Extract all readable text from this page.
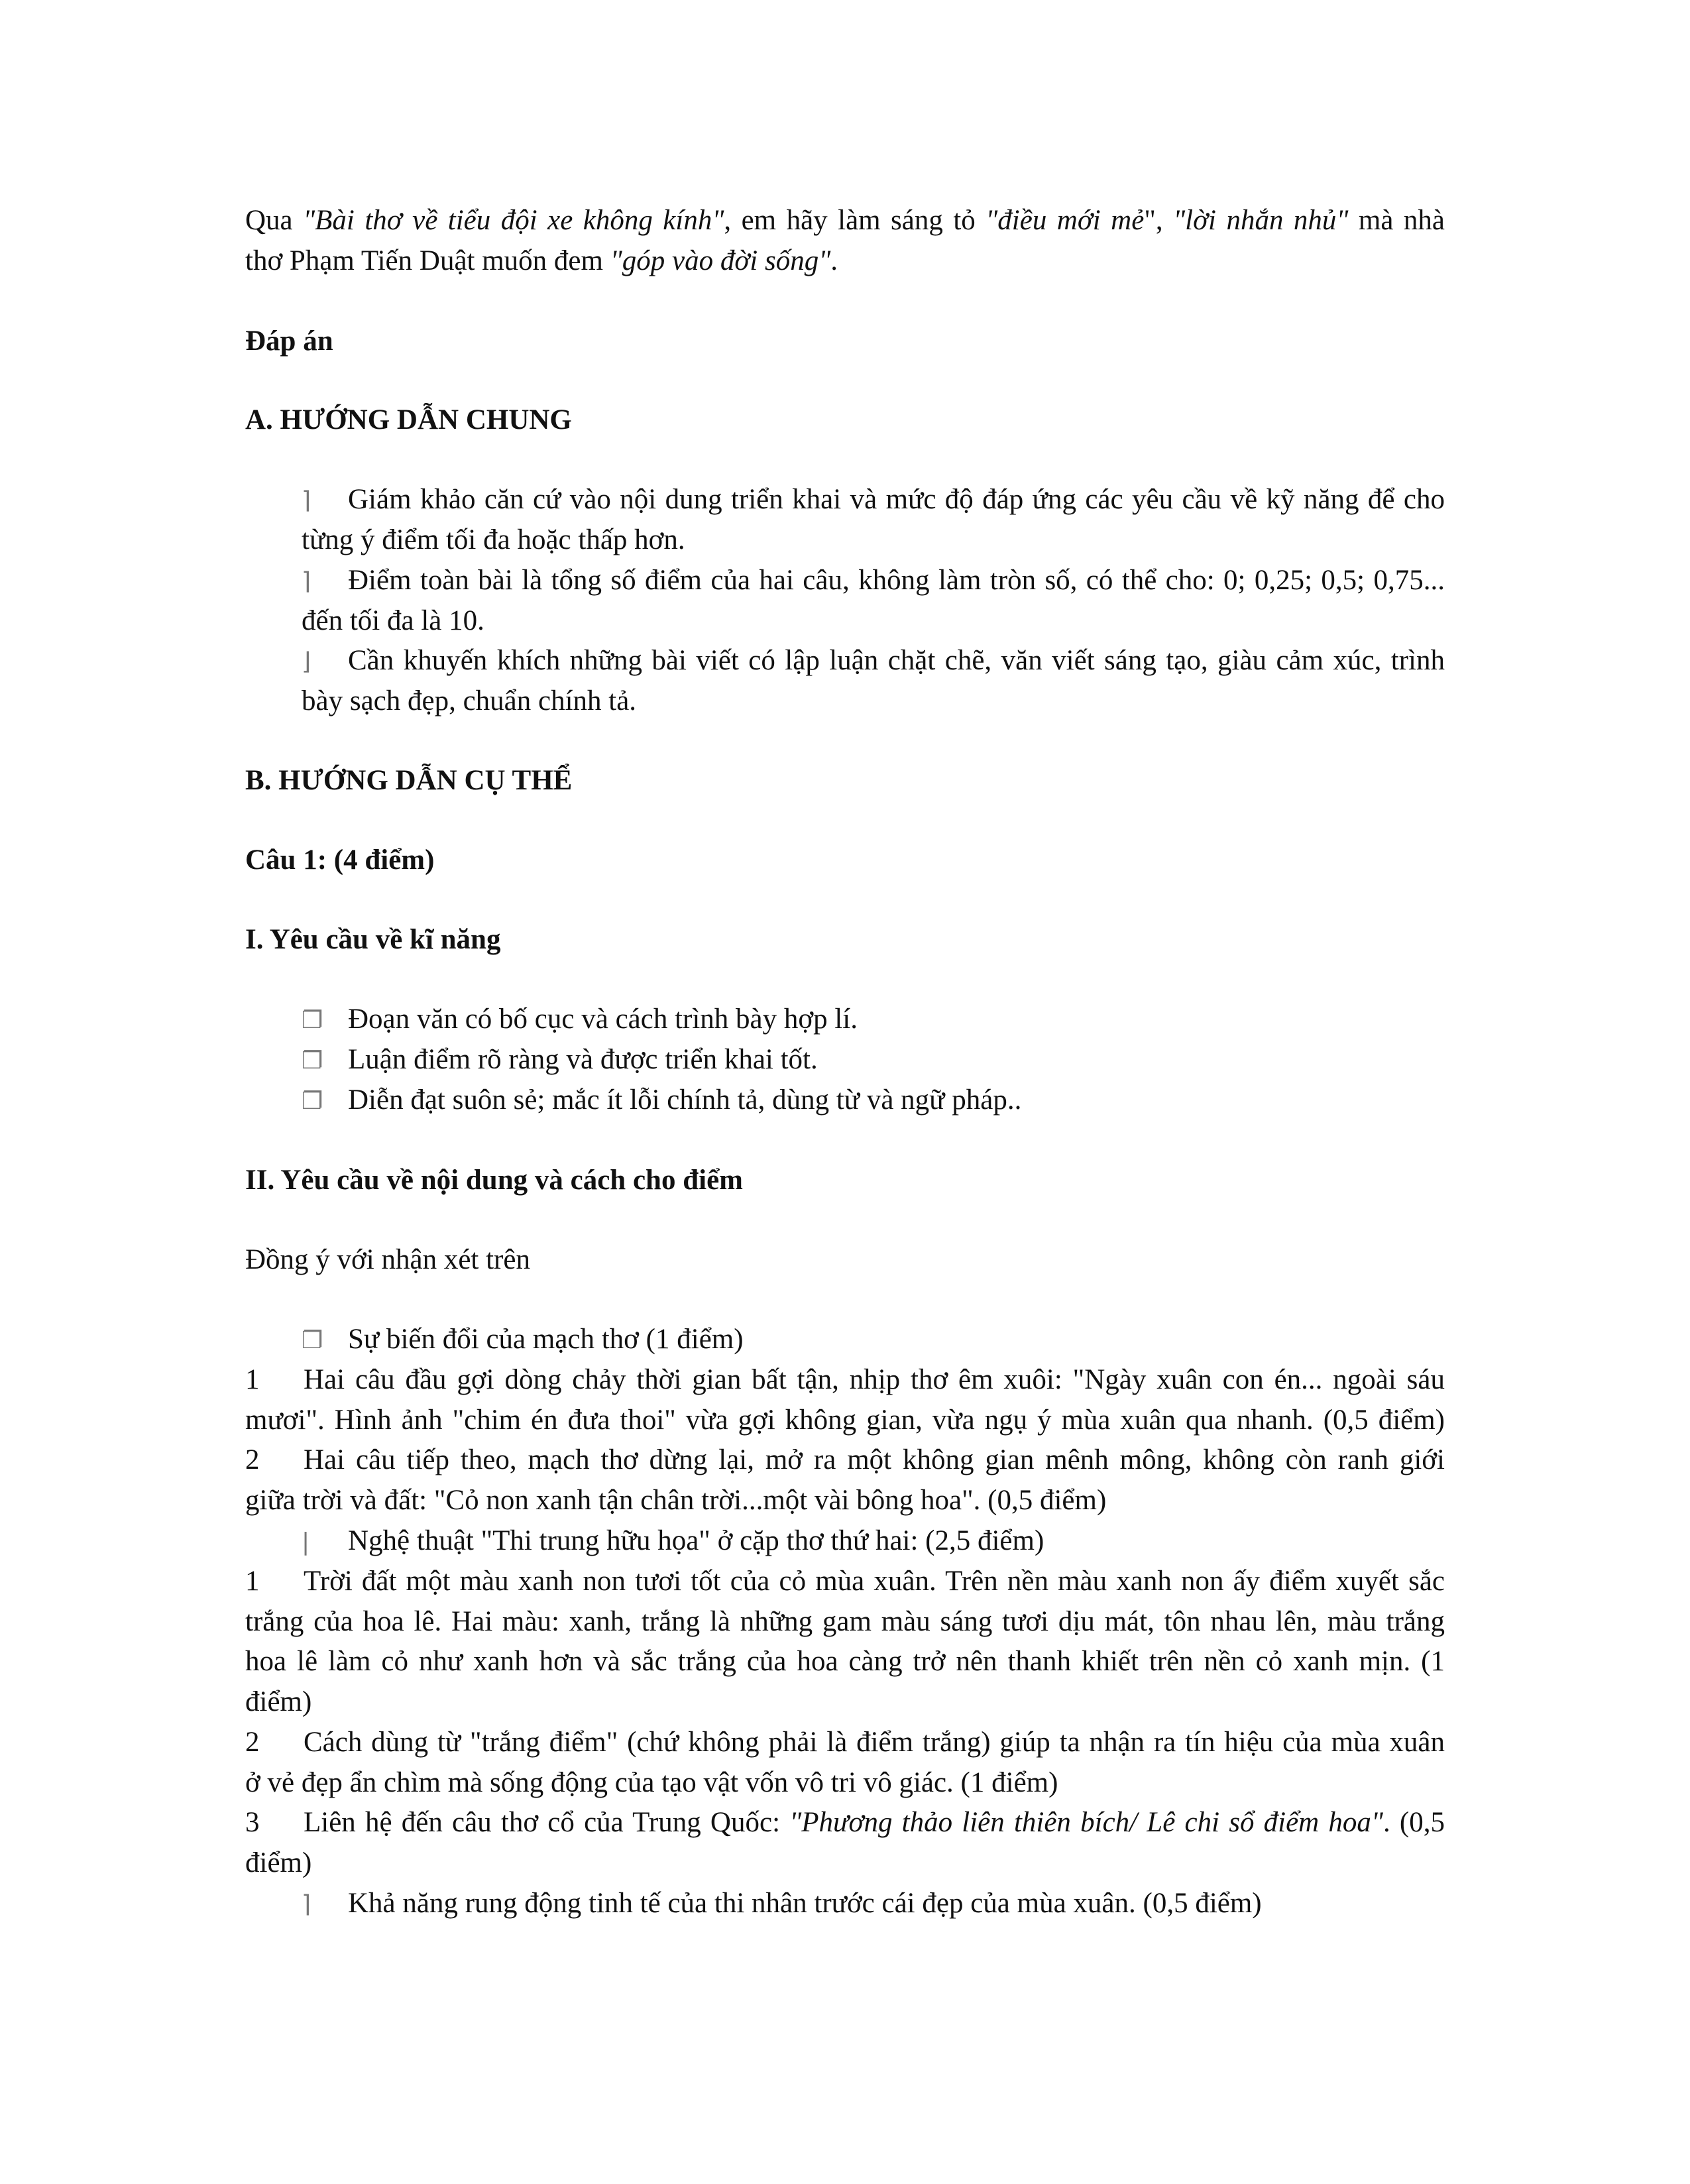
Qua "Bài thơ về tiểu đội xe không kính", em hãy làm sáng tỏ "điều mới mẻ", "lời nhắn nhủ" mà nhà
thơ Phạm Tiến Duật muốn đem "góp vào đời sống".
Đáp án
A. HƯỚNG DẪN CHUNG
⌉ Giám khảo căn cứ vào nội dung triển khai và mức độ đáp ứng các yêu cầu về kỹ năng để cho
từng ý điểm tối đa hoặc thấp hơn.
⌉ Điểm toàn bài là tổng số điểm của hai câu, không làm tròn số, có thể cho: 0; 0,25; 0,5; 0,75...
đến tối đa là 10.
⌋ Cần khuyến khích những bài viết có lập luận chặt chẽ, văn viết sáng tạo, giàu cảm xúc, trình
bày sạch đẹp, chuẩn chính tả.
B. HƯỚNG DẪN CỤ THỂ
Câu 1: (4 điểm)
I. Yêu cầu về kĩ năng
❐ Đoạn văn có bố cục và cách trình bày hợp lí.
❐ Luận điểm rõ ràng và được triển khai tốt.
❐ Diễn đạt suôn sẻ; mắc ít lỗi chính tả, dùng từ và ngữ pháp..
II. Yêu cầu về nội dung và cách cho điểm
Đồng ý với nhận xét trên
❐ Sự biến đổi của mạch thơ (1 điểm)
1 Hai câu đầu gợi dòng chảy thời gian bất tận, nhịp thơ êm xuôi: "Ngày xuân con én... ngoài sáu
mươi". Hình ảnh "chim én đưa thoi" vừa gợi không gian, vừa ngụ ý mùa xuân qua nhanh. (0,5 điểm)
2 Hai câu tiếp theo, mạch thơ dừng lại, mở ra một không gian mênh mông, không còn ranh giới
giữa trời và đất: "Cỏ non xanh tận chân trời...một vài bông hoa". (0,5 điểm)
| Nghệ thuật "Thi trung hữu họa" ở cặp thơ thứ hai: (2,5 điểm)
1 Trời đất một màu xanh non tươi tốt của cỏ mùa xuân. Trên nền màu xanh non ấy điểm xuyết sắc
trắng của hoa lê. Hai màu: xanh, trắng là những gam màu sáng tươi dịu mát, tôn nhau lên, màu trắng
hoa lê làm cỏ như xanh hơn và sắc trắng của hoa càng trở nên thanh khiết trên nền cỏ xanh mịn. (1
điểm)
2 Cách dùng từ "trắng điểm" (chứ không phải là điểm trắng) giúp ta nhận ra tín hiệu của mùa xuân
ở vẻ đẹp ẩn chìm mà sống động của tạo vật vốn vô tri vô giác. (1 điểm)
3 Liên hệ đến câu thơ cổ của Trung Quốc: "Phương thảo liên thiên bích/ Lê chi sổ điểm hoa". (0,5
điểm)
⌉ Khả năng rung động tinh tế của thi nhân trước cái đẹp của mùa xuân. (0,5 điểm)
